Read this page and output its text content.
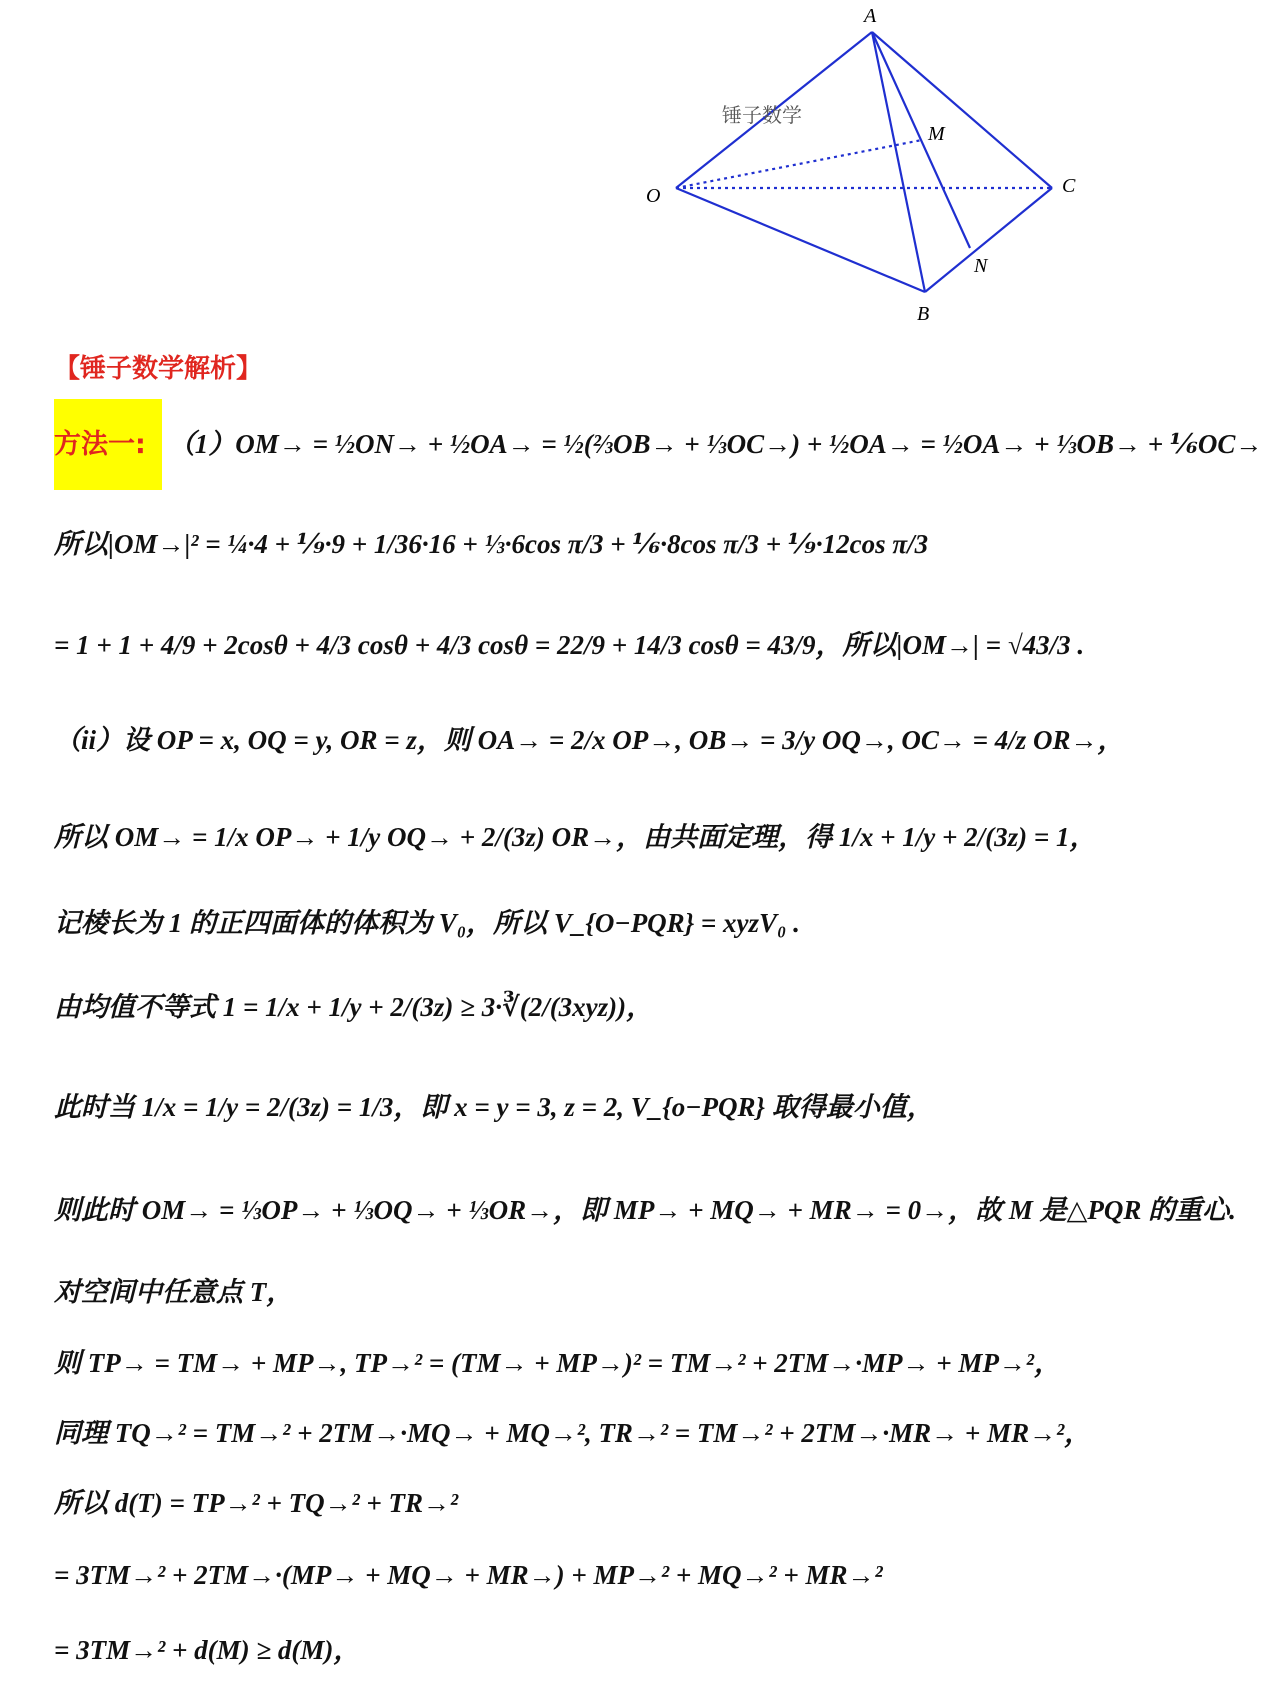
A
M
O	C
N
B
锤子数学
【锤子数学解析】
方法一: （1）OM→ = ½ON→ + ½OA→ = ½(⅔OB→ + ⅓OC→) + ½OA→ = ½OA→ + ⅓OB→ + ⅙OC→
所以|OM→|² = ¼·4 + ⅑·9 + 1/36·16 + ⅓·6cos π/3 + ⅙·8cos π/3 + ⅑·12cos π/3
= 1 + 1 + 4/9 + 2cosθ + 4/3 cosθ + 4/3 cosθ = 22/9 + 14/3 cosθ = 43/9，所以|OM→| = √43/3 .
（ii）设 OP = x, OQ = y, OR = z，则 OA→ = 2/x OP→, OB→ = 3/y OQ→, OC→ = 4/z OR→，
所以 OM→ = 1/x OP→ + 1/y OQ→ + 2/(3z) OR→，由共面定理，得 1/x + 1/y + 2/(3z) = 1，
记棱长为 1 的正四面体的体积为 V₀，所以 V_{O−PQR} = xyzV₀ .
由均值不等式 1 = 1/x + 1/y + 2/(3z) ≥ 3·∛(2/(3xyz))，
此时当 1/x = 1/y = 2/(3z) = 1/3，即 x = y = 3, z = 2, V_{o−PQR} 取得最小值，
则此时 OM→ = ⅓OP→ + ⅓OQ→ + ⅓OR→，即 MP→ + MQ→ + MR→ = 0→，故 M 是△PQR 的重心.
对空间中任意点 T，
则 TP→ = TM→ + MP→, TP→² = (TM→ + MP→)² = TM→² + 2TM→·MP→ + MP→²，
同理 TQ→² = TM→² + 2TM→·MQ→ + MQ→², TR→² = TM→² + 2TM→·MR→ + MR→²，
所以 d(T) = TP→² + TQ→² + TR→²
= 3TM→² + 2TM→·(MP→ + MQ→ + MR→) + MP→² + MQ→² + MR→²
= 3TM→² + d(M) ≥ d(M)，
